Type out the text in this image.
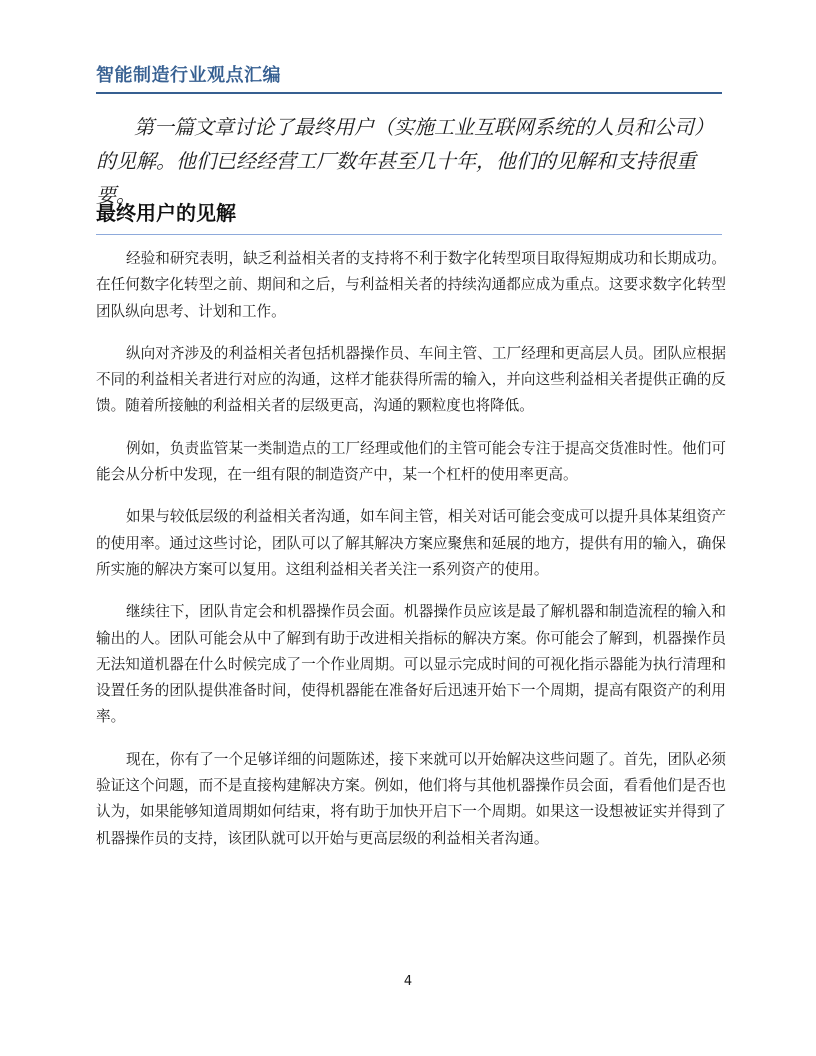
智能制造行业观点汇编

第一篇文章讨论了最终用户（实施工业互联网系统的人员和公司）的见解。他们已经经营工厂数年甚至几十年，他们的见解和支持很重要。

最终用户的见解

经验和研究表明，缺乏利益相关者的支持将不利于数字化转型项目取得短期成功和长期成功。在任何数字化转型之前、期间和之后，与利益相关者的持续沟通都应成为重点。这要求数字化转型团队纵向思考、计划和工作。

纵向对齐涉及的利益相关者包括机器操作员、车间主管、工厂经理和更高层人员。团队应根据不同的利益相关者进行对应的沟通，这样才能获得所需的输入，并向这些利益相关者提供正确的反馈。随着所接触的利益相关者的层级更高，沟通的颗粒度也将降低。

例如，负责监管某一类制造点的工厂经理或他们的主管可能会专注于提高交货准时性。他们可能会从分析中发现，在一组有限的制造资产中，某一个杠杆的使用率更高。

如果与较低层级的利益相关者沟通，如车间主管，相关对话可能会变成可以提升具体某组资产的使用率。通过这些讨论，团队可以了解其解决方案应聚焦和延展的地方，提供有用的输入，确保所实施的解决方案可以复用。这组利益相关者关注一系列资产的使用。

继续往下，团队肯定会和机器操作员会面。机器操作员应该是最了解机器和制造流程的输入和输出的人。团队可能会从中了解到有助于改进相关指标的解决方案。你可能会了解到，机器操作员无法知道机器在什么时候完成了一个作业周期。可以显示完成时间的可视化指示器能为执行清理和设置任务的团队提供准备时间，使得机器能在准备好后迅速开始下一个周期，提高有限资产的利用率。

现在，你有了一个足够详细的问题陈述，接下来就可以开始解决这些问题了。首先，团队必须验证这个问题，而不是直接构建解决方案。例如，他们将与其他机器操作员会面，看看他们是否也认为，如果能够知道周期如何结束，将有助于加快开启下一个周期。如果这一设想被证实并得到了机器操作员的支持，该团队就可以开始与更高层级的利益相关者沟通。

4
